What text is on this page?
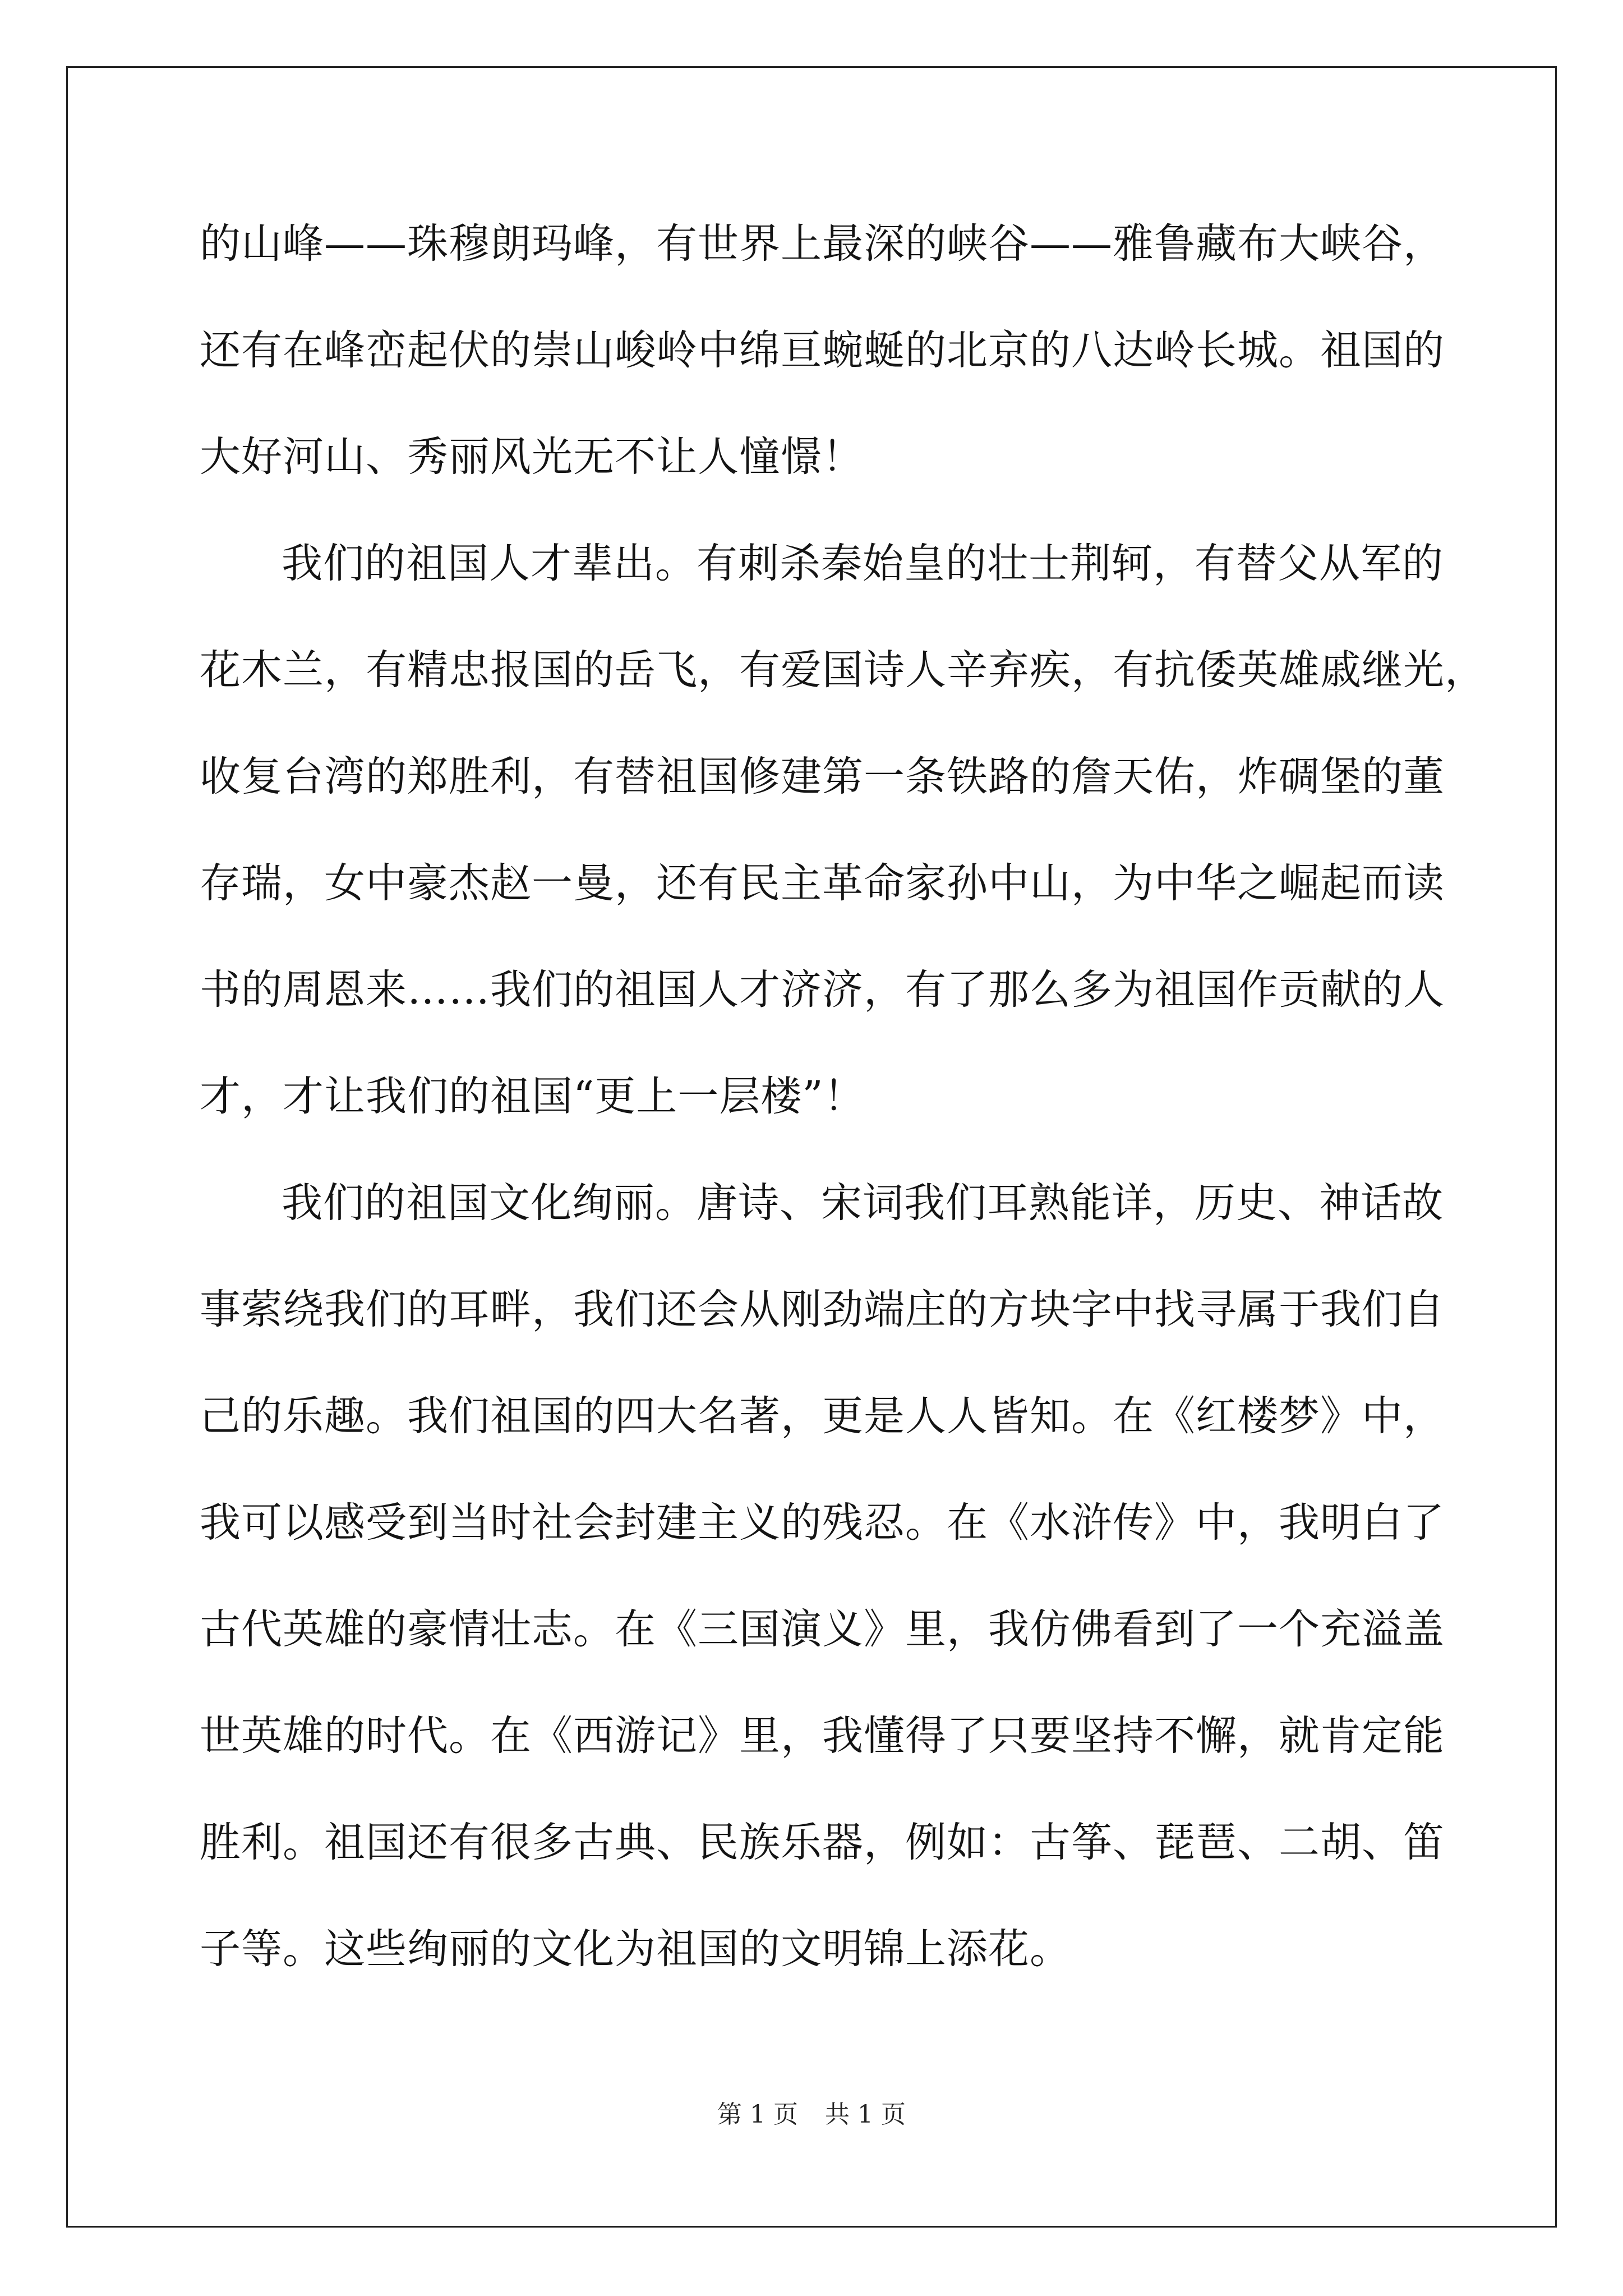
的山峰——珠穆朗玛峰，有世界上最深的峡谷——雅鲁藏布大峡谷，
还有在峰峦起伏的崇山峻岭中绵亘蜿蜒的北京的八达岭长城。祖国的
大好河山、秀丽风光无不让人憧憬！
我们的祖国人才辈出。有刺杀秦始皇的壮士荆轲，有替父从军的
花木兰，有精忠报国的岳飞，有爱国诗人辛弃疾，有抗倭英雄戚继光，
收复台湾的郑胜利，有替祖国修建第一条铁路的詹天佑，炸碉堡的董
存瑞，女中豪杰赵一曼，还有民主革命家孙中山，为中华之崛起而读
书的周恩来……我们的祖国人才济济，有了那么多为祖国作贡献的人
才，才让我们的祖国“更上一层楼”！
我们的祖国文化绚丽。唐诗、宋词我们耳熟能详，历史、神话故
事萦绕我们的耳畔，我们还会从刚劲端庄的方块字中找寻属于我们自
己的乐趣。我们祖国的四大名著，更是人人皆知。在《红楼梦》中，
我可以感受到当时社会封建主义的残忍。在《水浒传》中，我明白了
古代英雄的豪情壮志。在《三国演义》里，我仿佛看到了一个充溢盖
世英雄的时代。在《西游记》里，我懂得了只要坚持不懈，就肯定能
胜利。祖国还有很多古典、民族乐器，例如：古筝、琵琶、二胡、笛
子等。这些绚丽的文化为祖国的文明锦上添花。
第 1 页 共 1 页
